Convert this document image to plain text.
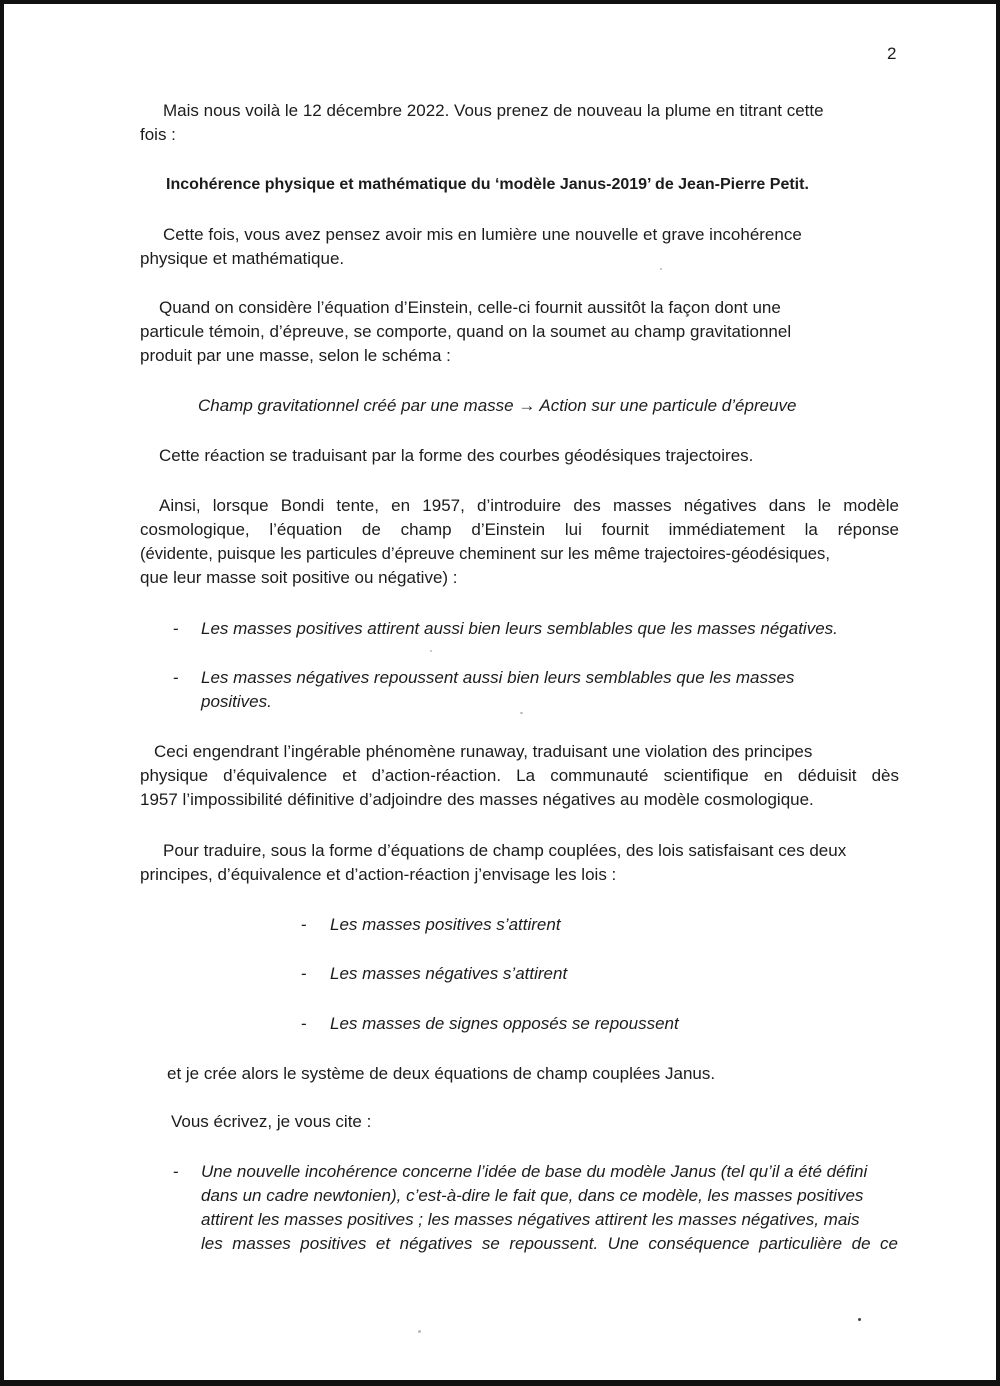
2
Mais nous voilà le 12 décembre 2022. Vous prenez de nouveau la plume en titrant cette
fois :
Incohérence physique et mathématique du ‘modèle Janus-2019’ de Jean-Pierre Petit.
Cette fois, vous avez pensez avoir mis en lumière une nouvelle et grave incohérence
physique et mathématique.
Quand on considère l’équation d’Einstein, celle-ci fournit aussitôt la façon dont une
particule témoin, d’épreuve, se comporte, quand on la soumet au champ gravitationnel
produit par une masse, selon le schéma :
Champ gravitationnel créé par une masse → Action sur une particule d’épreuve
Cette réaction se traduisant par la forme des courbes géodésiques trajectoires.
Ainsi, lorsque Bondi tente, en 1957, d’introduire des masses négatives dans le modèle
cosmologique, l’équation de champ d’Einstein lui fournit immédiatement la réponse
(évidente, puisque les particules d’épreuve cheminent sur les même trajectoires-géodésiques,
que leur masse soit positive ou négative) :
- Les masses positives attirent aussi bien leurs semblables que les masses négatives.
- Les masses négatives repoussent aussi bien leurs semblables que les masses
positives.
Ceci engendrant l’ingérable phénomène runaway, traduisant une violation des principes
physique d’équivalence et d’action-réaction. La communauté scientifique en déduisit dès
1957 l’impossibilité définitive d’adjoindre des masses négatives au modèle cosmologique.
Pour traduire, sous la forme d’équations de champ couplées, des lois satisfaisant ces deux
principes, d’équivalence et d’action-réaction j’envisage les lois :
- Les masses positives s’attirent
- Les masses négatives s’attirent
- Les masses de signes opposés se repoussent
et je crée alors le système de deux équations de champ couplées Janus.
Vous écrivez, je vous cite :
- Une nouvelle incohérence concerne l’idée de base du modèle Janus (tel qu’il a été défini
dans un cadre newtonien), c’est-à-dire le fait que, dans ce modèle, les masses positives
attirent les masses positives ; les masses négatives attirent les masses négatives, mais
les masses positives et négatives se repoussent. Une conséquence particulière de ce
